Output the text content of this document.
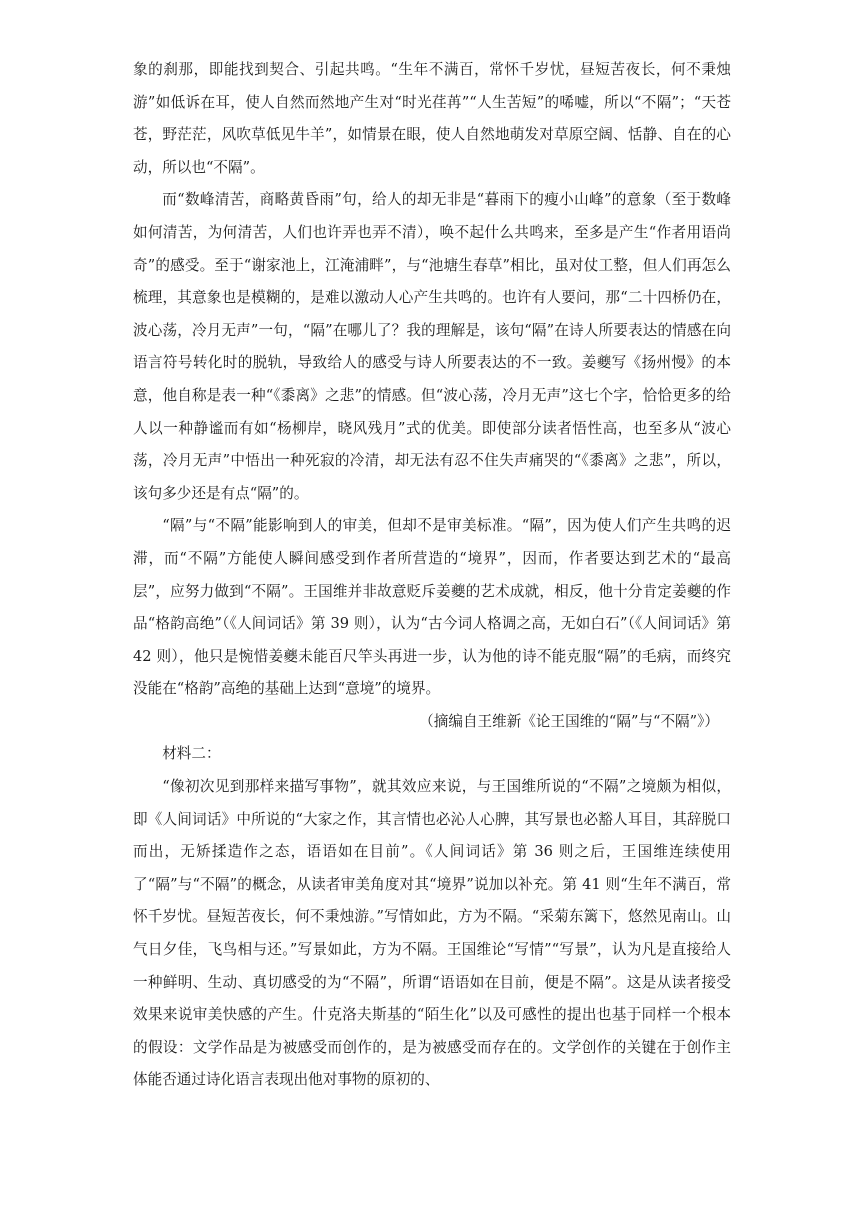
象的刹那，即能找到契合、引起共鸣。“生年不满百，常怀千岁忧，昼短苦夜长，何不秉烛游”如低诉在耳，使人自然而然地产生对“时光荏苒”“人生苦短”的唏嘘，所以“不隔”；“天苍苍，野茫茫，风吹草低见牛羊”，如情景在眼，使人自然地萌发对草原空阔、恬静、自在的心动，所以也“不隔”。

而“数峰清苦，商略黄昏雨”句，给人的却无非是“暮雨下的瘦小山峰”的意象（至于数峰如何清苦，为何清苦，人们也许弄也弄不清），唤不起什么共鸣来，至多是产生“作者用语尚奇”的感受。至于“谢家池上，江淹浦畔”，与“池塘生春草”相比，虽对仗工整，但人们再怎么梳理，其意象也是模糊的，是难以激动人心产生共鸣的。也许有人要问，那“二十四桥仍在，波心荡，冷月无声”一句，“隔”在哪儿了？我的理解是，该句“隔”在诗人所要表达的情感在向语言符号转化时的脱轨，导致给人的感受与诗人所要表达的不一致。姜夔写《扬州慢》的本意，他自称是表一种“《黍离》之悲”的情感。但“波心荡，冷月无声”这七个字，恰恰更多的给人以一种静谧而有如“杨柳岸，晓风残月”式的优美。即使部分读者悟性高，也至多从“波心荡，冷月无声”中悟出一种死寂的冷清，却无法有忍不住失声痛哭的“《黍离》之悲”，所以，该句多少还是有点“隔”的。

“隔”与“不隔”能影响到人的审美，但却不是审美标准。“隔”，因为使人们产生共鸣的迟滞，而“不隔”方能使人瞬间感受到作者所营造的“境界”，因而，作者要达到艺术的“最高层”，应努力做到“不隔”。王国维并非故意贬斥姜夔的艺术成就，相反，他十分肯定姜夔的作品“格韵高绝”（《人间词话》第 39 则），认为“古今词人格调之高，无如白石”（《人间词话》第 42 则），他只是惋惜姜夔未能百尺竿头再进一步，认为他的诗不能克服“隔”的毛病，而终究没能在“格韵”高绝的基础上达到“意境”的境界。

（摘编自王维新《论王国维的“隔”与“不隔”》）

材料二：

“像初次见到那样来描写事物”，就其效应来说，与王国维所说的“不隔”之境颇为相似，即《人间词话》中所说的“大家之作，其言情也必沁人心脾，其写景也必豁人耳目，其辞脱口而出，无矫揉造作之态，语语如在目前”。《人间词话》第 36 则之后，王国维连续使用了“隔”与“不隔”的概念，从读者审美角度对其“境界”说加以补充。第 41 则“生年不满百，常怀千岁忧。昼短苦夜长，何不秉烛游。”写情如此，方为不隔。“采菊东篱下，悠然见南山。山气日夕佳，飞鸟相与还。”写景如此，方为不隔。王国维论“写情”“写景”，认为凡是直接给人一种鲜明、生动、真切感受的为“不隔”，所谓“语语如在目前，便是不隔”。这是从读者接受效果来说审美快感的产生。什克洛夫斯基的“陌生化”以及可感性的提出也基于同样一个根本的假设：文学作品是为被感受而创作的，是为被感受而存在的。文学创作的关键在于创作主体能否通过诗化语言表现出他对事物的原初的、
